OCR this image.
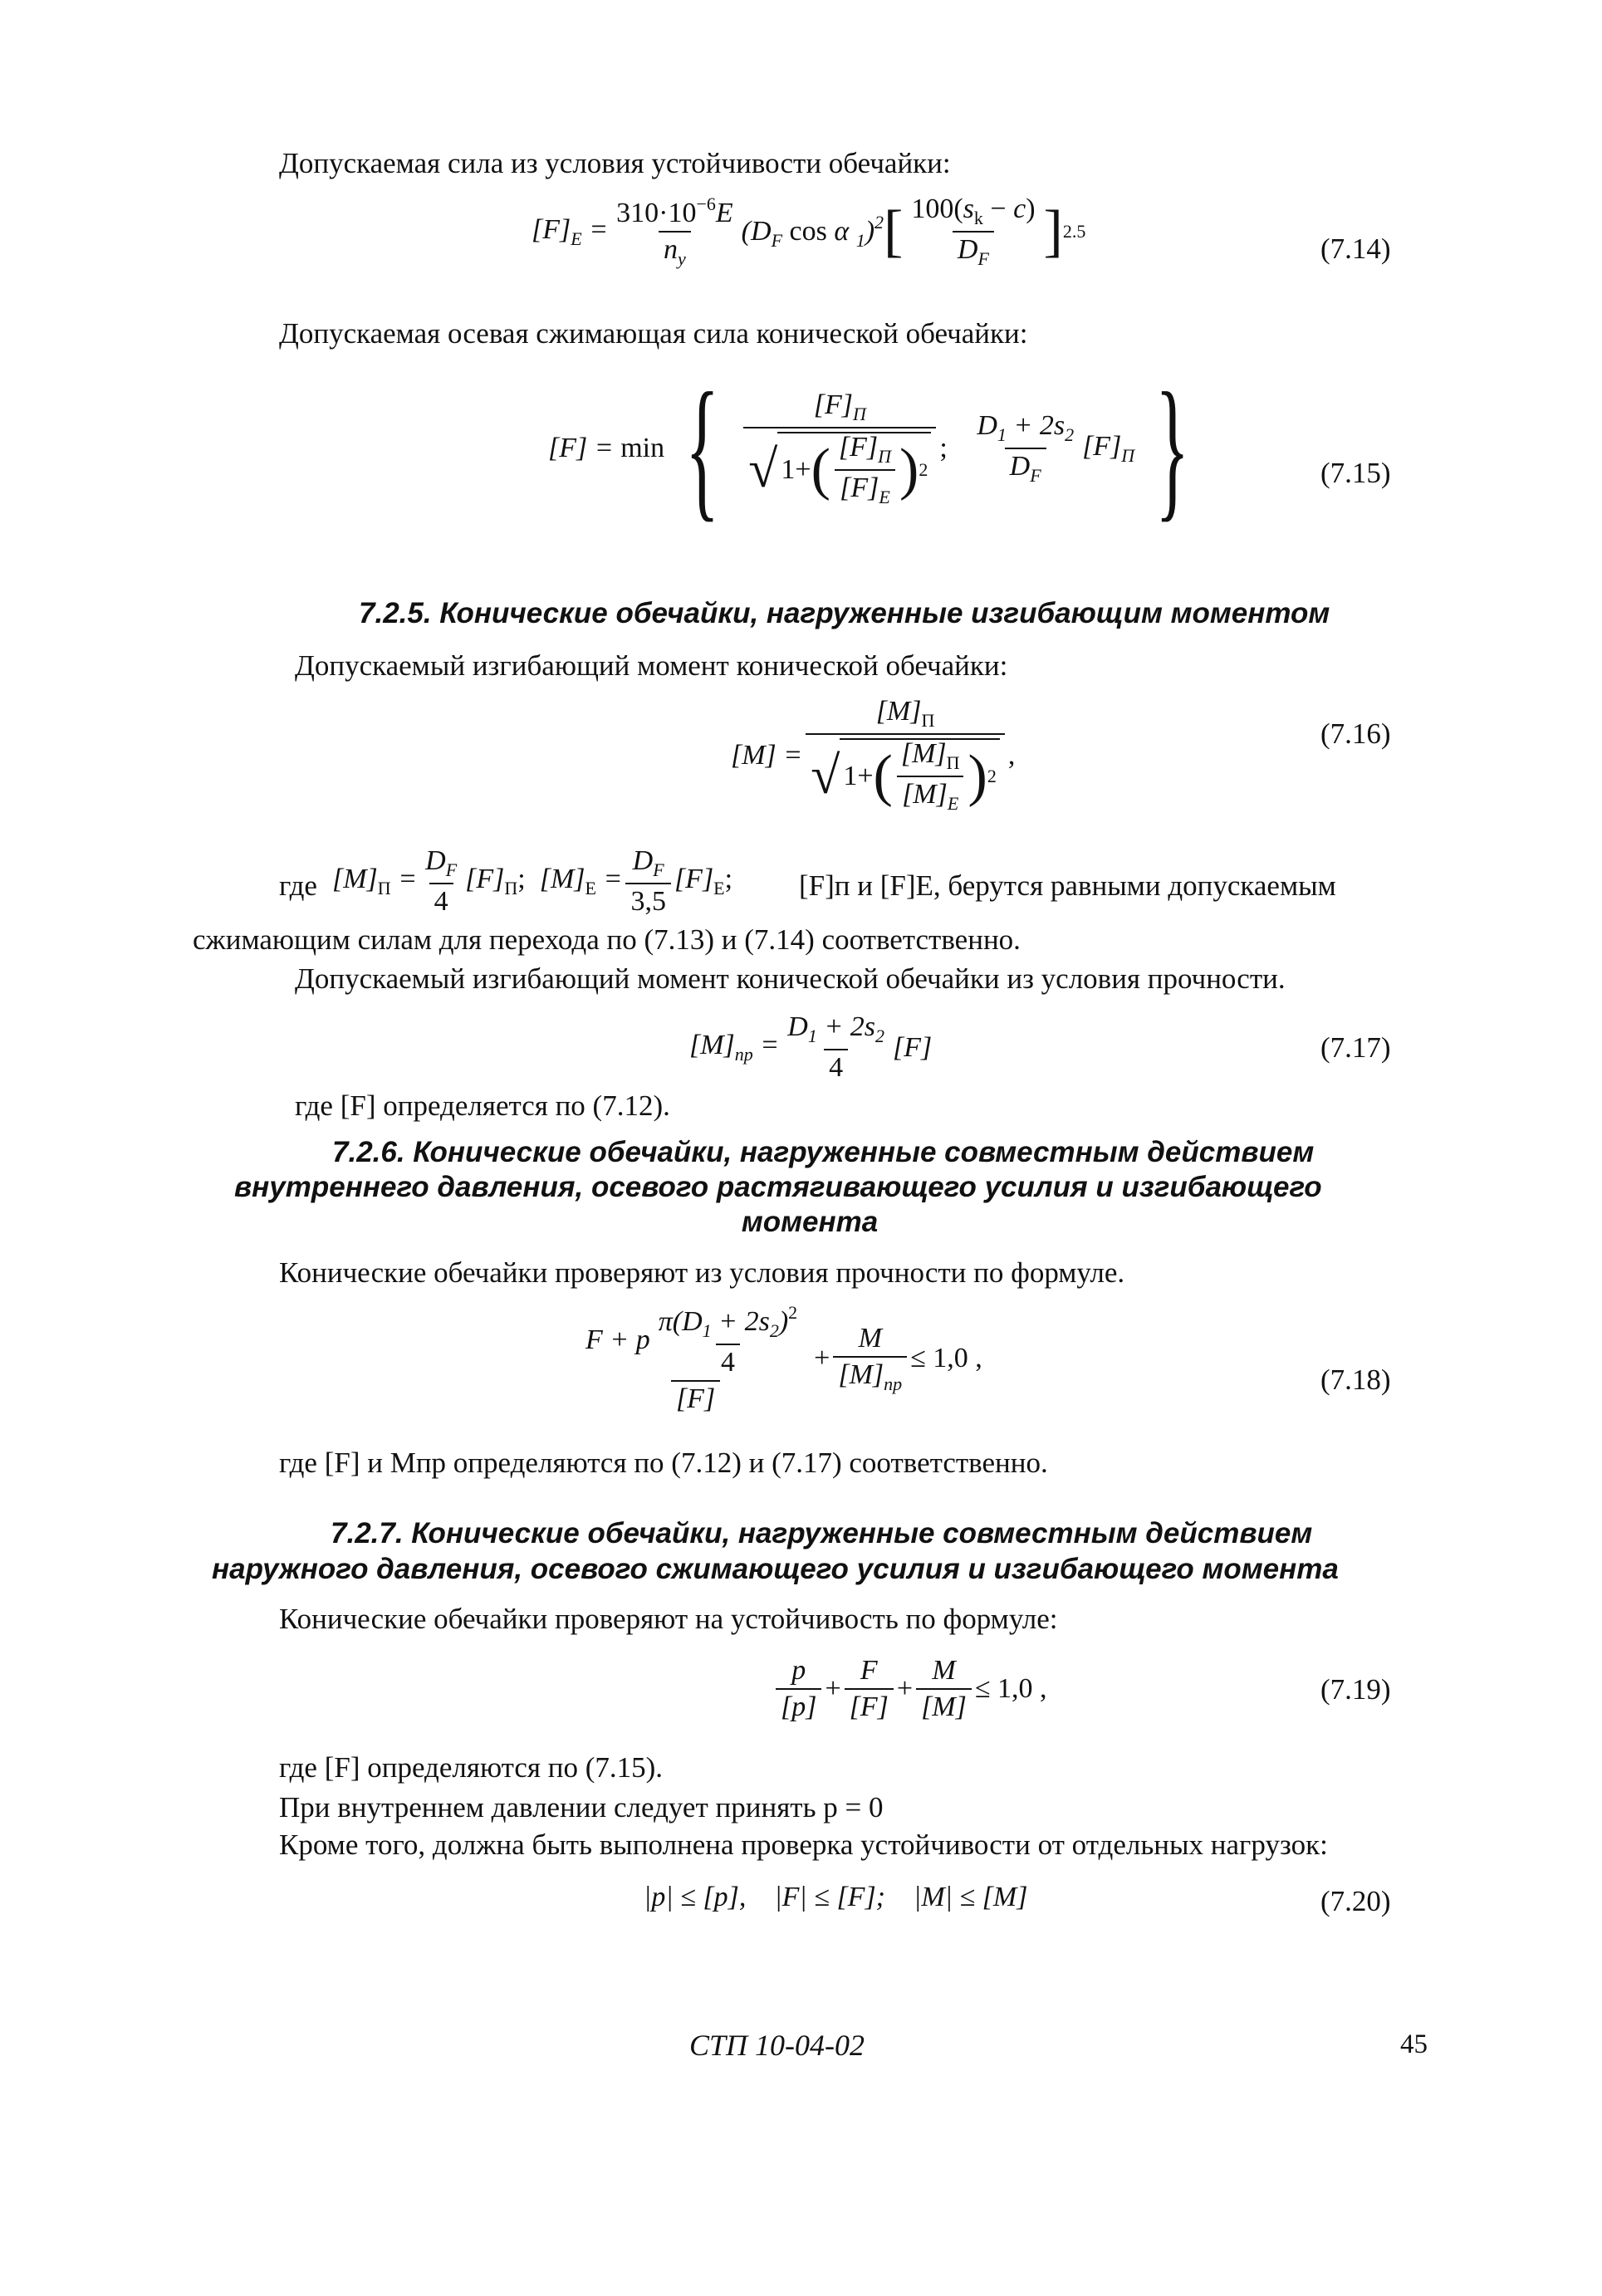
Допускаемая сила из условия устойчивости обечайки:
$[F]_E = \frac{310\cdot 10^{-6}E}{n_y} (D_F$ cos α $_1$)$^2$ [ $\frac{100(s_k - c)}{D_F}$ ] 2.5
(7.14)
Допускаемая осевая сжимающая сила конической обечайки:
[F] = min { $\frac{[F]_П}{√ 1+ ( \frac{[F]_П}{[F]_E} ) 2}$ ; $\frac{D_1 + 2s_2}{D_F} [F]_П$ }	(7.15)
7.2.5. Конические обечайки, нагруженные изгибающим моментом
Допускаемый изгибающий момент конической обечайки:
$[M] = \frac{[M]_П}{√ 1+ ( \frac{[M]_П}{[M]_E} ) 2}$ ,
(7.16)
где $[M]_П = \frac{D_F}{4} [F]_П$;  $[M]_Е = \frac{D_F}{3,5} [F]_Е$; [F]п и [F]Е, берутся равными допускаемым
сжимающим силам для перехода по (7.13) и (7.14) соответственно.
Допускаемый изгибающий момент конической обечайки из условия прочности.
$[M]_{пр} = \frac{D_1 + 2s_2}{4} [F]$	(7.17)
где [F] определяется по (7.12).
7.2.6. Конические обечайки, нагруженные совместным действием
внутреннего давления, осевого растягивающего усилия и изгибающего
момента
Конические обечайки проверяют из условия прочности по формуле.
$\frac{F + p \frac{\pi(D_1 + 2s_2)^2}{4}}{[F]} + \frac{M}{[M]_{пр}} \le 1,0$ ,
(7.18)
где [F] и Mпр определяются по (7.12) и (7.17) соответственно.
7.2.7. Конические обечайки, нагруженные совместным действием
наружного давления, осевого сжимающего усилия и изгибающего момента
Конические обечайки проверяют на устойчивость по формуле:
$\frac{p}{[p]} + \frac{F}{[F]} + \frac{M}{[M]} \le 1,0$ ,	(7.19)
где [F] определяются по (7.15).
При внутреннем давлении следует принять p = 0
Кроме того, должна быть выполнена проверка устойчивости от отдельных нагрузок:
|p| ≤ [p],    |F| ≤ [F];    |M| ≤ [M]	(7.20)
СТП 10-04-02	45
